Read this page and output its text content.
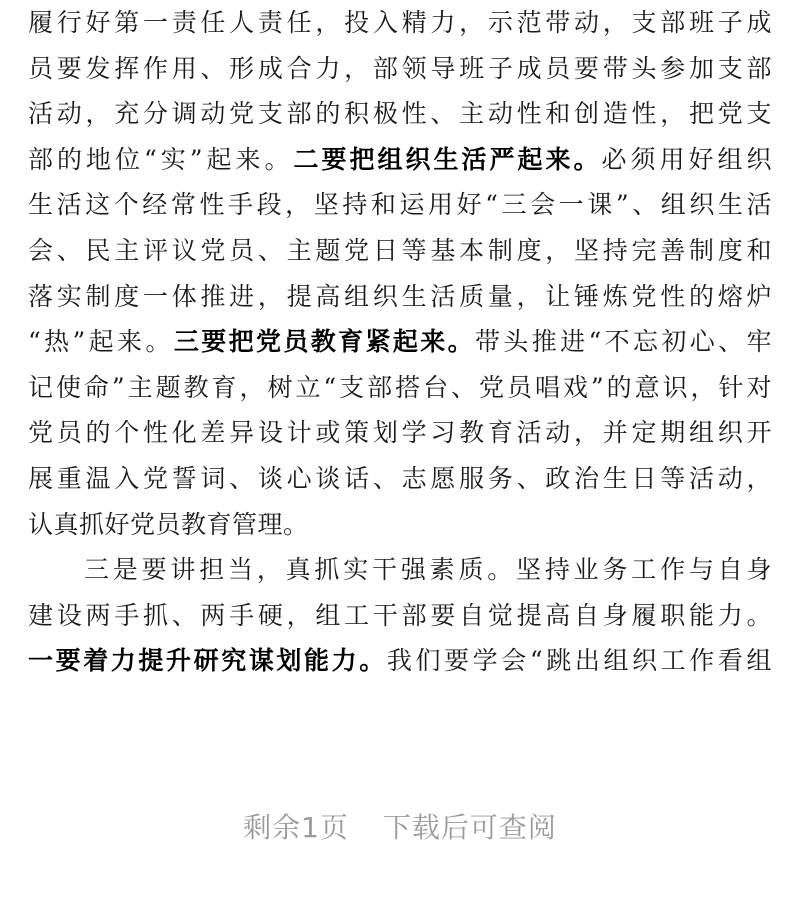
履行好第一责任人责任，投入精力，示范带动，支部班子成
员要发挥作用、形成合力，部领导班子成员要带头参加支部
活动，充分调动党支部的积极性、主动性和创造性，把党支
部的地位“实”起来。二要把组织生活严起来。必须用好组织
生活这个经常性手段，坚持和运用好“三会一课”、组织生活
会、民主评议党员、主题党日等基本制度，坚持完善制度和
落实制度一体推进，提高组织生活质量，让锤炼党性的熔炉
“热”起来。三要把党员教育紧起来。带头推进“不忘初心、牢
记使命”主题教育，树立“支部搭台、党员唱戏”的意识，针对
党员的个性化差异设计或策划学习教育活动，并定期组织开
展重温入党誓词、谈心谈话、志愿服务、政治生日等活动，
认真抓好党员教育管理。
三是要讲担当，真抓实干强素质。坚持业务工作与自身
建设两手抓、两手硬，组工干部要自觉提高自身履职能力。
一要着力提升研究谋划能力。我们要学会“跳出组织工作看组
剩余1页 下载后可查阅
